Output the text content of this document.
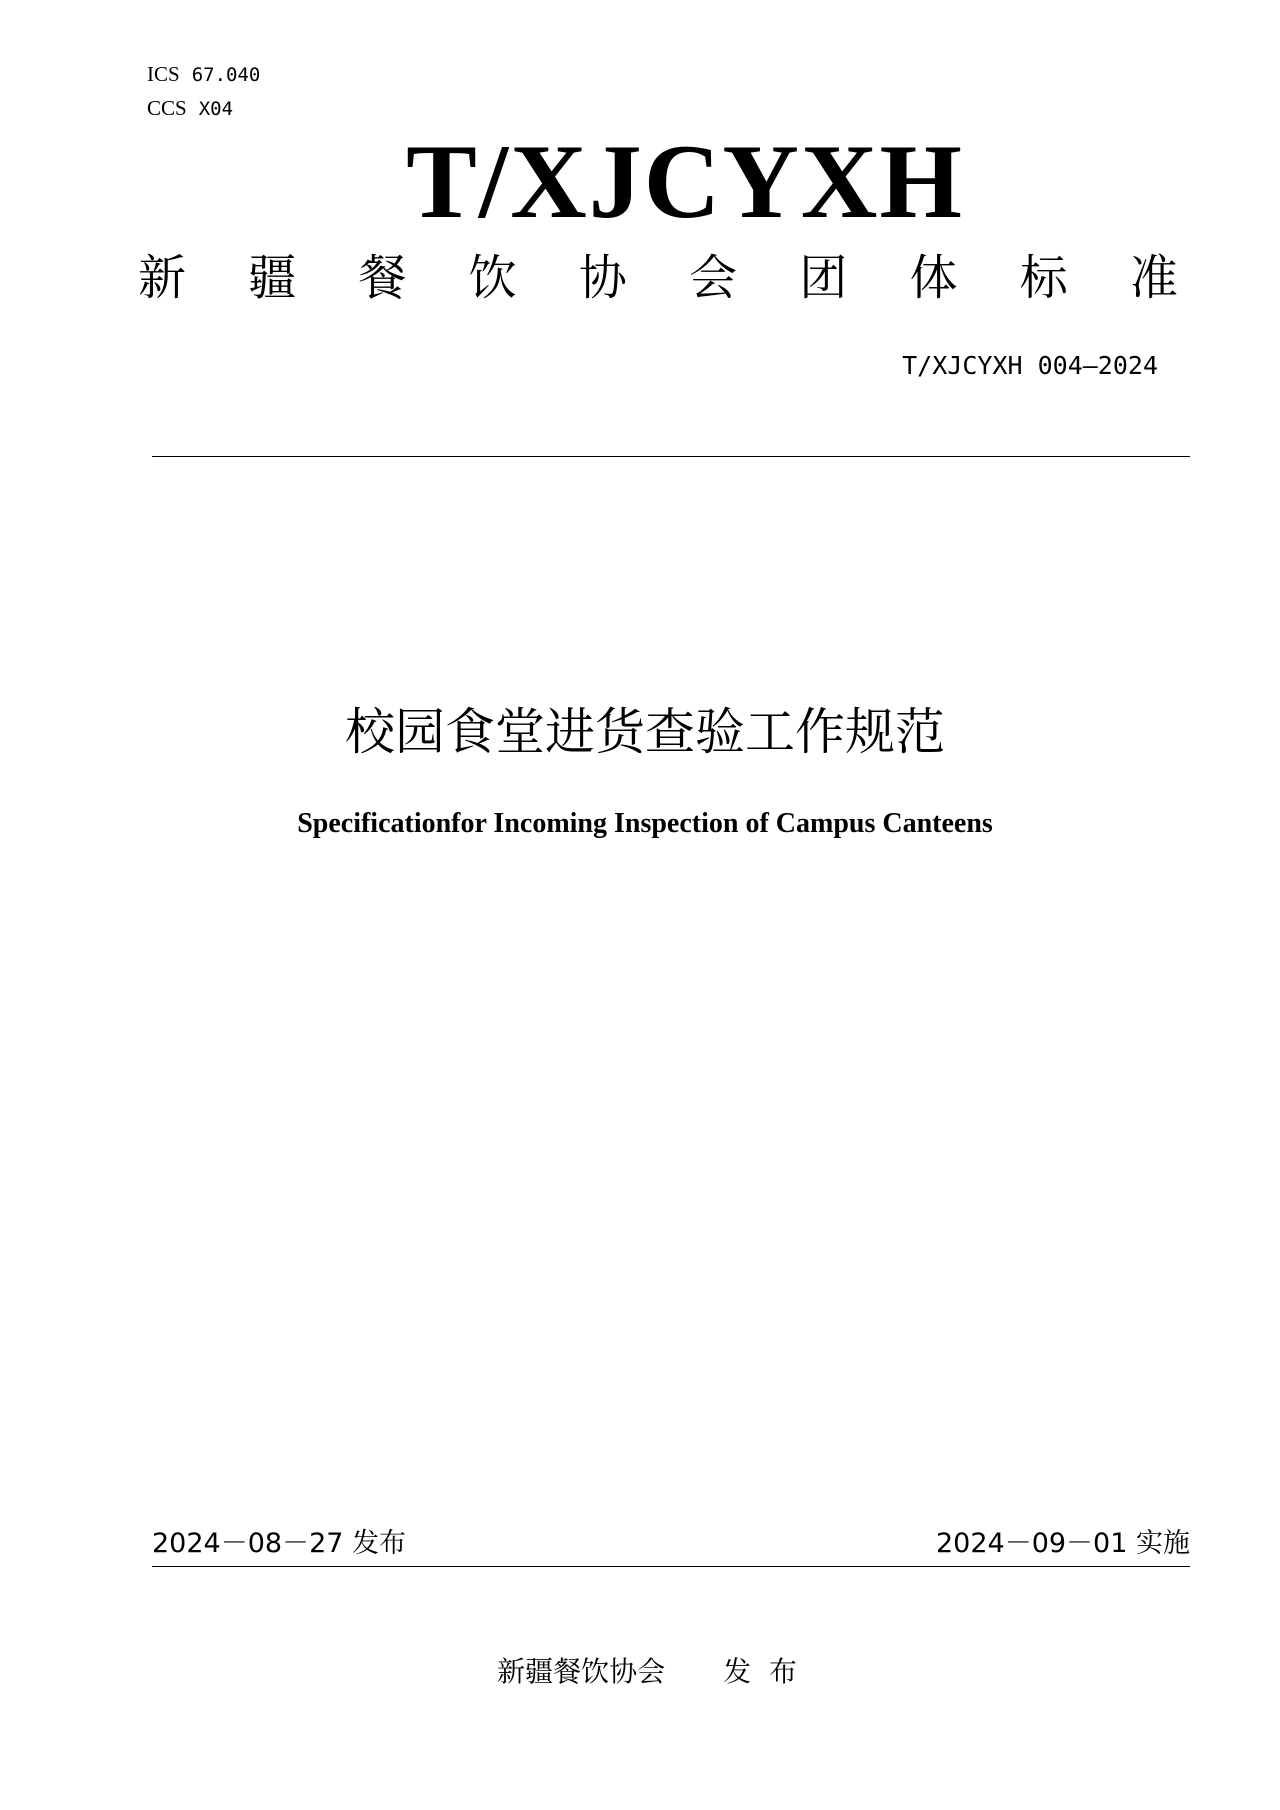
ICS 67.040
CCS X04
T/XJCYXH
新 疆 餐 饮 协 会 团 体 标 准
T/XJCYXH 004—2024
校园食堂进货查验工作规范
Specificationfor Incoming Inspection of Campus Canteens
2024－08－27 发布	2024－09－01 实施
新疆餐饮协会 发  布
